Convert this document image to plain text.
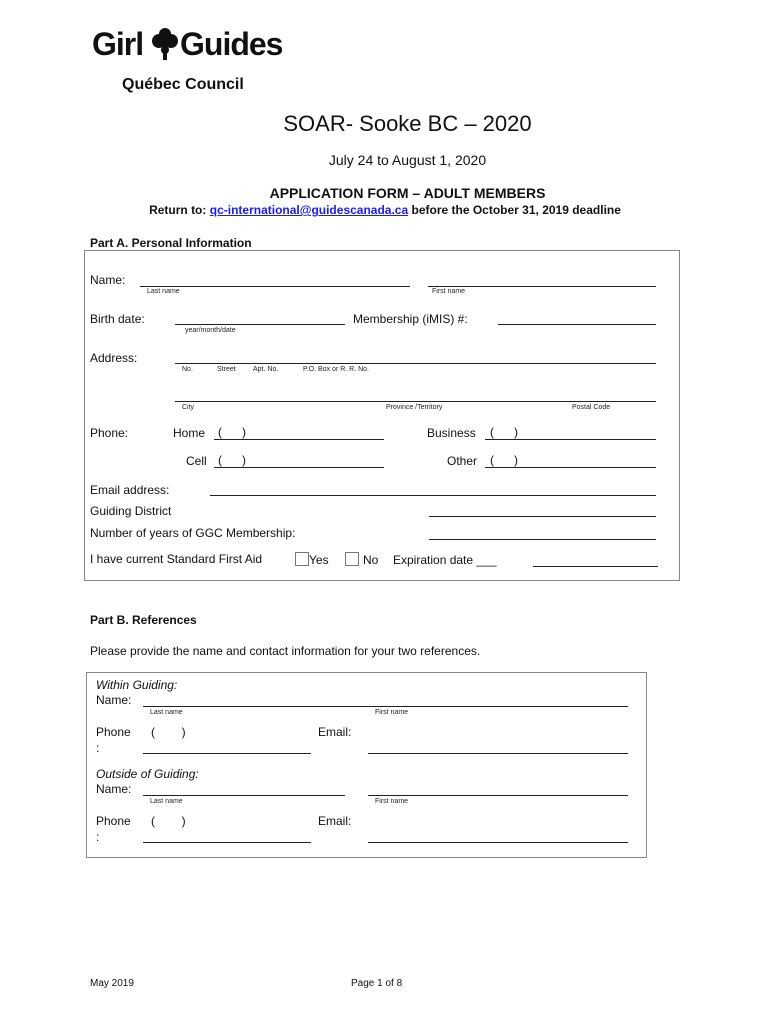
Girl Guides
Québec Council
SOAR- Sooke BC – 2020
July 24 to August 1, 2020
APPLICATION FORM – ADULT MEMBERS
Return to: qc-international@guidescanada.ca before the October 31, 2019 deadline
Part A. Personal Information
Name:
Last name	First name
Birth date:
year/month/date
Membership (iMIS) #:
Address:
No.	Street Apt. No.	P.O. Box or R. R. No.
City	Province /Territory	Postal Code
Phone:	Home (      )	Business (      )
Cell (      )	Other (      )
Email address:
Guiding District
Number of years of GGC Membership:
I have current Standard First Aid	Yes	No Expiration date ___
Part B. References
Please provide the name and contact information for your two references.
Within Guiding:
Name:
Last name	First name
Phone
:
(        )	Email:
Outside of Guiding:
Name:
Last name	First name
Phone
:
(        )	Email:
May 2019	Page 1 of 8
